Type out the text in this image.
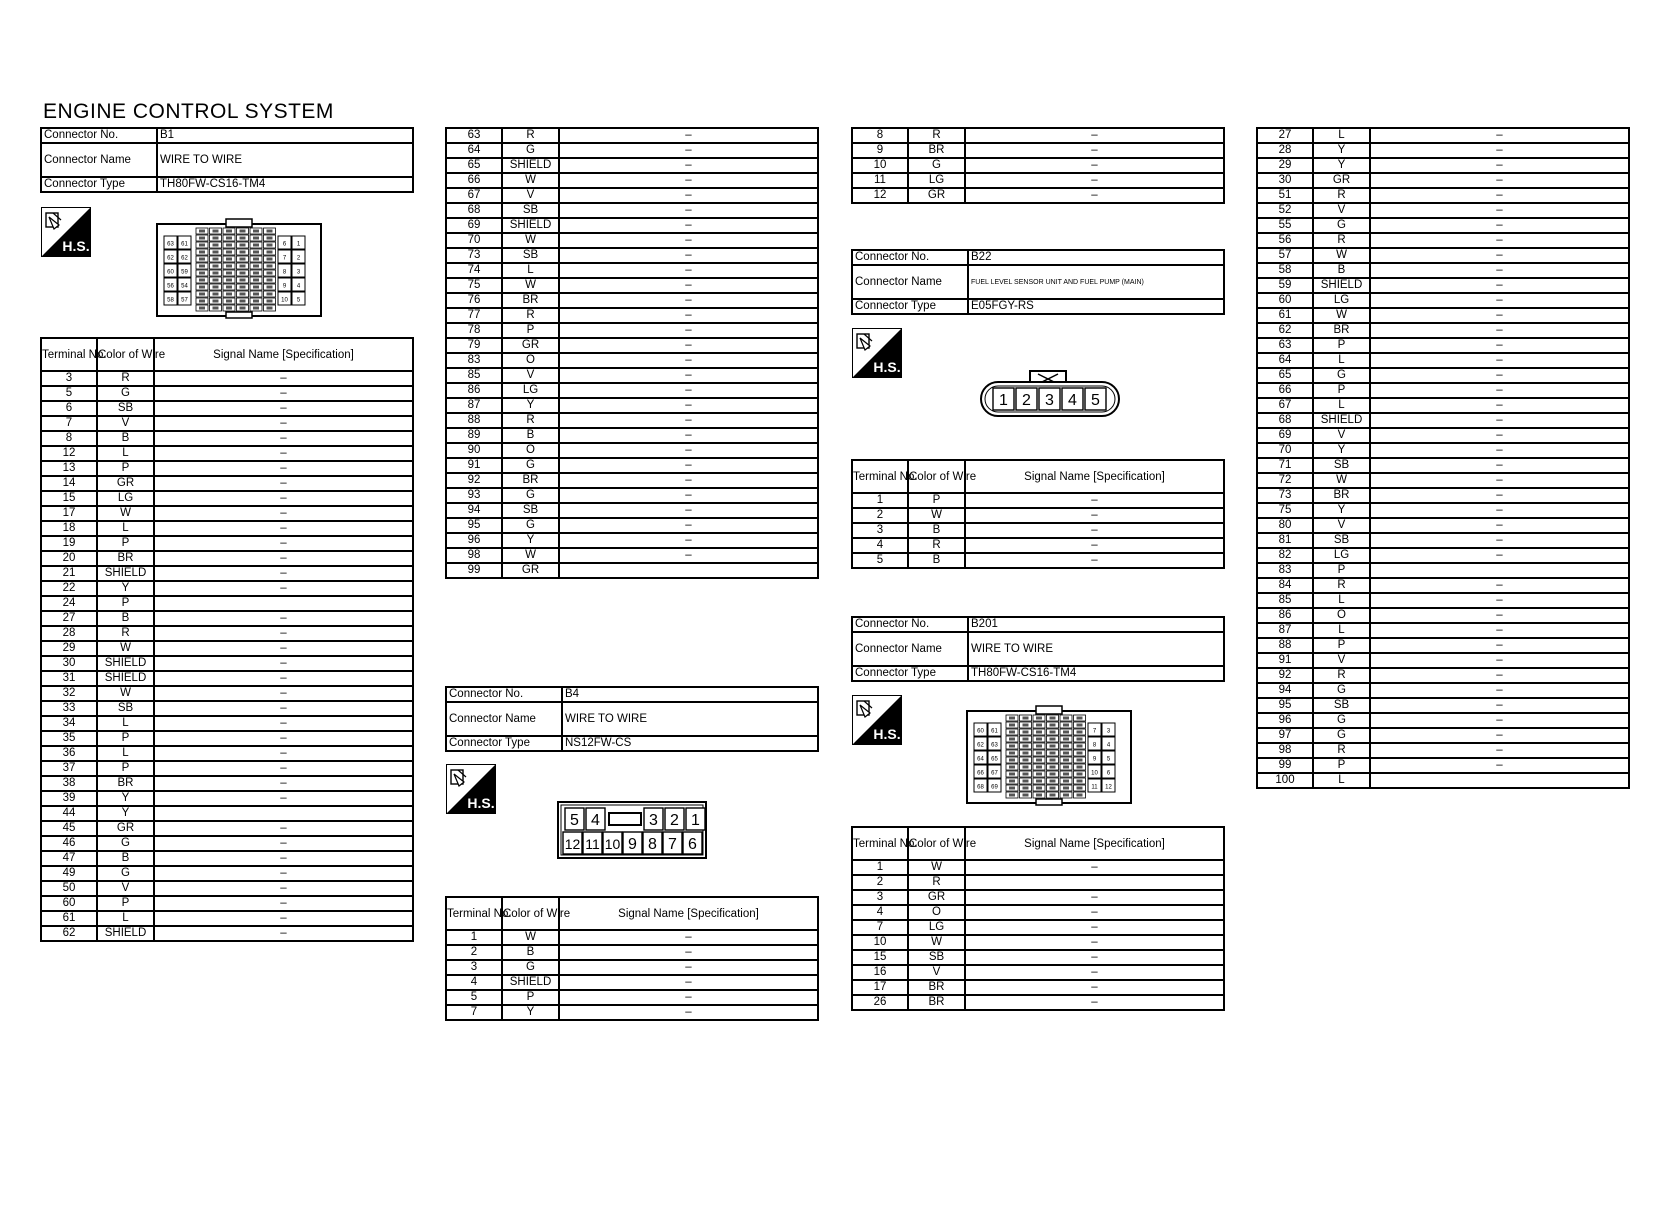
ENGINE CONTROL SYSTEM
Connector No.	B1
Connector Name	WIRE TO WIRE
Connector Type	TH80FW-CS16-TM4
H.S.	63 61
62 62
60 59
56 54
58 57
6 1
7 2
8 3
9 4
10 5
Terminal No.	Color of Wire	Signal Name [Specification]
3	R	–
5	G	–
6	SB	–
7	V	–
8	B	–
12	L	–
13	P	–
14	GR	–
15	LG	–
17	W	–
18	L	–
19	P	–
20	BR	–
21	SHIELD	–
22	Y	–
24	P	
27	B	–
28	R	–
29	W	–
30	SHIELD	–
31	SHIELD	–
32	W	–
33	SB	–
34	L	–
35	P	–
36	L	–
37	P	–
38	BR	–
39	Y	–
44	Y	
45	GR	–
46	G	–
47	B	–
49	G	–
50	V	–
60	P	–
61	L	–
62	SHIELD	–
63	R	–
64	G	–
65	SHIELD	–
66	W	–
67	V	–
68	SB	–
69	SHIELD	–
70	W	–
73	SB	–
74	L	–
75	W	–
76	BR	–
77	R	–
78	P	–
79	GR	–
83	O	–
85	V	–
86	LG	–
87	Y	–
88	R	–
89	B	–
90	O	–
91	G	–
92	BR	–
93	G	–
94	SB	–
95	G	–
96	Y	–
98	W	–
99	GR	
Connector No.	B4
Connector Name	WIRE TO WIRE
Connector Type	NS12FW-CS
H.S.
5 4	3 2 1
12 11 10 9 8 7 6
Terminal No.	Color of Wire	Signal Name [Specification]
1	W	–
2	B	–
3	G	–
4	SHIELD	–
5	P	–
7	Y	–
8	R	–
9	BR	–
10	G	–
11	LG	–
12	GR	–
Connector No.	B22
Connector Name	FUEL LEVEL SENSOR UNIT AND FUEL PUMP (MAIN)
Connector Type	E05FGY-RS
H.S.
1 2 3 4 5
Terminal No.	Color of Wire	Signal Name [Specification]
1	P	–
2	W	–
3	B	–
4	R	–
5	B	–
Connector No.	B201
Connector Name	WIRE TO WIRE
Connector Type	TH80FW-CS16-TM4
H.S.	60 61
62 63
64 65
66 67
68 69
7 3
8 4
9 5
10 6
11 12
Terminal No.	Color of Wire	Signal Name [Specification]
1	W	–
2	R	
3	GR	–
4	O	–
7	LG	–
10	W	–
15	SB	–
16	V	–
17	BR	–
26	BR	–
27	L	–
28	Y	–
29	Y	–
30	GR	–
51	R	–
52	V	–
55	G	–
56	R	–
57	W	–
58	B	–
59	SHIELD	–
60	LG	–
61	W	–
62	BR	–
63	P	–
64	L	–
65	G	–
66	P	–
67	L	–
68	SHIELD	–
69	V	–
70	Y	–
71	SB	–
72	W	–
73	BR	–
75	Y	–
80	V	–
81	SB	–
82	LG	–
83	P	
84	R	–
85	L	–
86	O	–
87	L	–
88	P	–
91	V	–
92	R	–
94	G	–
95	SB	–
96	G	–
97	G	–
98	R	–
99	P	–
100	L	
